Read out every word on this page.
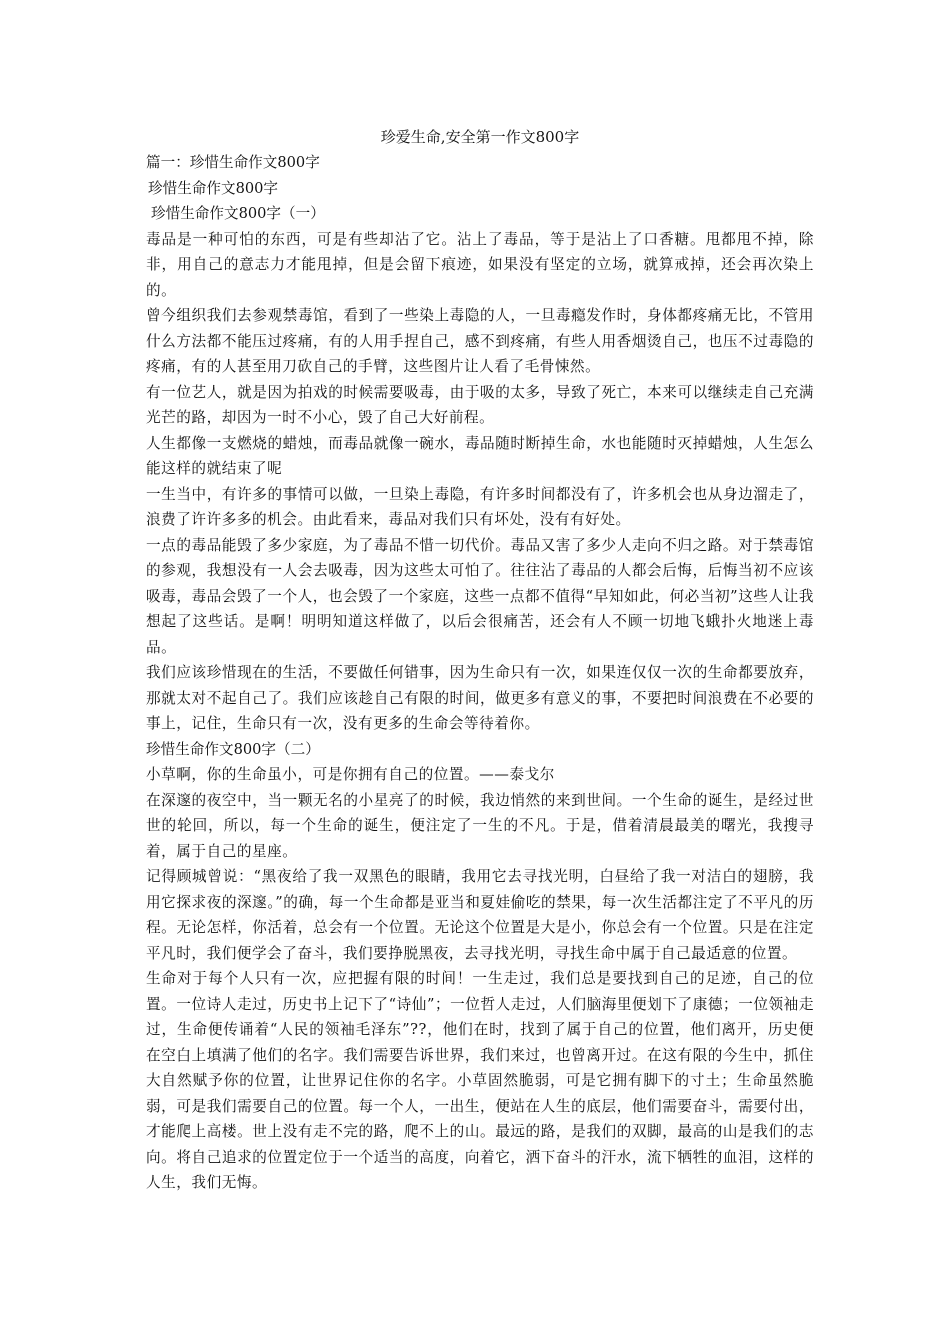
珍爱生命,安全第一作文800字
篇一：珍惜生命作文800字
珍惜生命作文800字
珍惜生命作文800字（一）

毒品是一种可怕的东西，可是有些却沾了它。沾上了毒品，等于是沾上了口香糖。甩都甩不掉，除非，用自己的意志力才能甩掉，但是会留下痕迹，如果没有坚定的立场，就算戒掉，还会再次染上的。

曾今组织我们去参观禁毒馆，看到了一些染上毒隐的人，一旦毒瘾发作时，身体都疼痛无比，不管用什么方法都不能压过疼痛，有的人用手捏自己，感不到疼痛，有些人用香烟烫自己，也压不过毒隐的疼痛，有的人甚至用刀砍自己的手臂，这些图片让人看了毛骨悚然。

有一位艺人，就是因为拍戏的时候需要吸毒，由于吸的太多，导致了死亡，本来可以继续走自己充满光芒的路，却因为一时不小心，毁了自己大好前程。

人生都像一支燃烧的蜡烛，而毒品就像一碗水，毒品随时断掉生命，水也能随时灭掉蜡烛，人生怎么能这样的就结束了呢

一生当中，有许多的事情可以做，一旦染上毒隐，有许多时间都没有了，许多机会也从身边溜走了，浪费了许许多多的机会。由此看来，毒品对我们只有坏处，没有有好处。

一点的毒品能毁了多少家庭，为了毒品不惜一切代价。毒品又害了多少人走向不归之路。对于禁毒馆的参观，我想没有一人会去吸毒，因为这些太可怕了。往往沾了毒品的人都会后悔，后悔当初不应该吸毒，毒品会毁了一个人，也会毁了一个家庭，这些一点都不值得“早知如此，何必当初”这些人让我想起了这些话。是啊！明明知道这样做了，以后会很痛苦，还会有人不顾一切地飞蛾扑火地迷上毒品。

我们应该珍惜现在的生活，不要做任何错事，因为生命只有一次，如果连仅仅一次的生命都要放弃，那就太对不起自己了。我们应该趁自己有限的时间，做更多有意义的事，不要把时间浪费在不必要的事上，记住，生命只有一次，没有更多的生命会等待着你。

珍惜生命作文800字（二）

小草啊，你的生命虽小，可是你拥有自己的位置。——泰戈尔

在深邃的夜空中，当一颗无名的小星亮了的时候，我边悄然的来到世间。一个生命的诞生，是经过世世的轮回，所以，每一个生命的诞生，便注定了一生的不凡。于是，借着清晨最美的曙光，我搜寻着，属于自己的星座。

记得顾城曾说：“黑夜给了我一双黑色的眼睛，我用它去寻找光明，白昼给了我一对洁白的翅膀，我用它探求夜的深邃。”的确，每一个生命都是亚当和夏娃偷吃的禁果，每一次生活都注定了不平凡的历程。无论怎样，你活着，总会有一个位置。无论这个位置是大是小，你总会有一个位置。只是在注定平凡时，我们便学会了奋斗，我们要挣脱黑夜，去寻找光明，寻找生命中属于自己最适意的位置。

生命对于每个人只有一次，应把握有限的时间！一生走过，我们总是要找到自己的足迹，自己的位置。一位诗人走过，历史书上记下了“诗仙”；一位哲人走过，人们脑海里便划下了康德；一位领袖走过，生命便传诵着“人民的领袖毛泽东”??，他们在时，找到了属于自己的位置，他们离开，历史便在空白上填满了他们的名字。我们需要告诉世界，我们来过，也曾离开过。在这有限的今生中，抓住大自然赋予你的位置，让世界记住你的名字。小草固然脆弱，可是它拥有脚下的寸土；生命虽然脆弱，可是我们需要自己的位置。每一个人，一出生，便站在人生的底层，他们需要奋斗，需要付出，才能爬上高楼。世上没有走不完的路，爬不上的山。最远的路，是我们的双脚，最高的山是我们的志向。将自己追求的位置定位于一个适当的高度，向着它，洒下奋斗的汗水，流下牺牲的血泪，这样的人生，我们无悔。
